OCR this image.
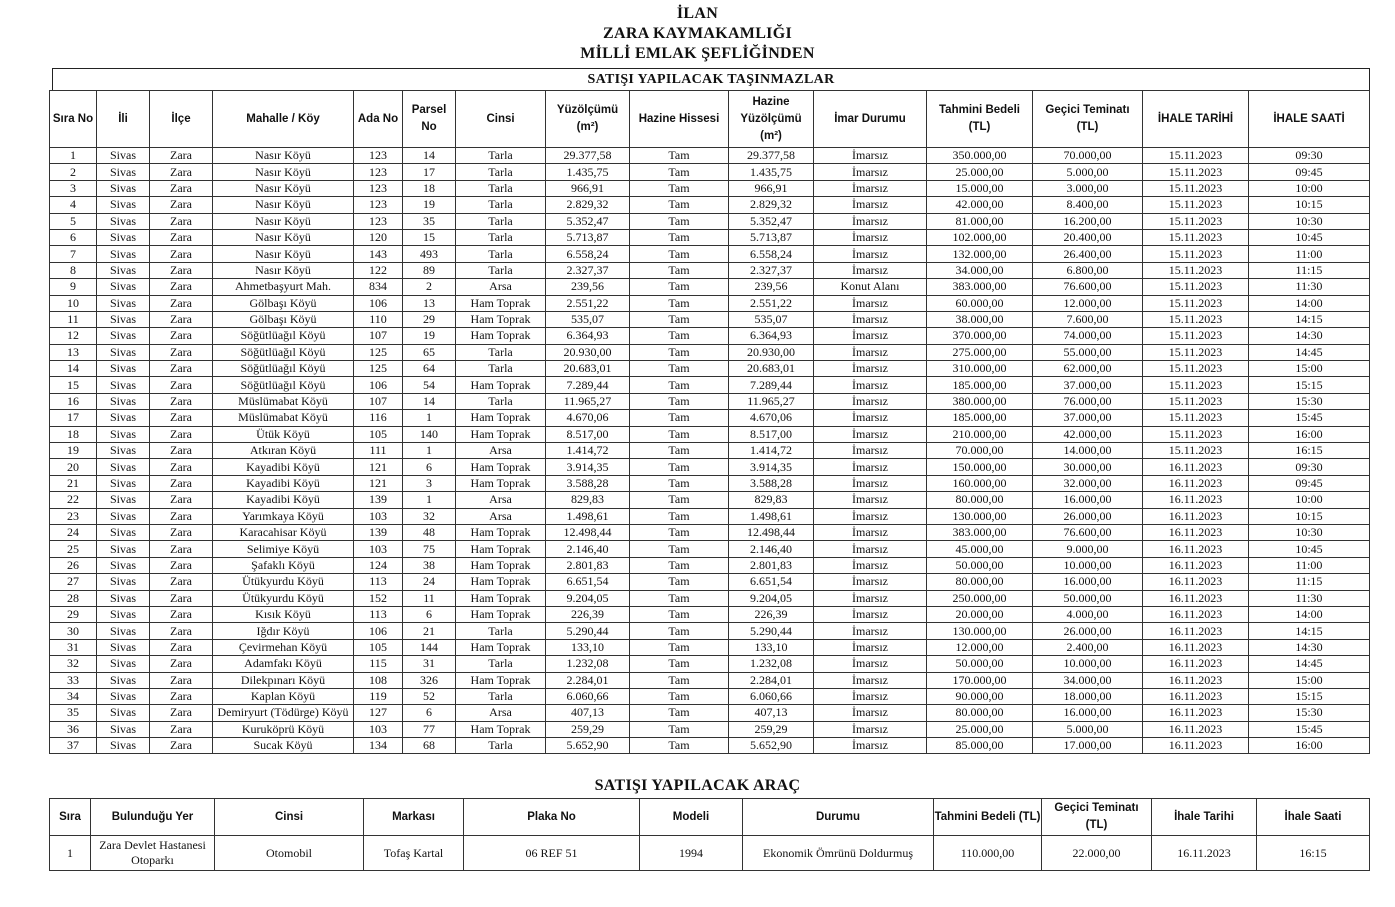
İLAN
ZARA KAYMAKAMLIĞI
MİLLİ EMLAK ŞEFLİĞİNDEN
SATIŞI YAPILACAK TAŞINMAZLAR
Sıra No	İli	İlçe	Mahalle / Köy	Ada No	Parsel No	Cinsi	Yüzölçümü (m²)	Hazine Hissesi	Hazine Yüzölçümü (m²)	İmar Durumu	Tahmini Bedeli (TL)	Geçici Teminatı (TL)	İHALE TARİHİ	İHALE SAATİ
1	Sivas	Zara	Nasır Köyü	123	14	Tarla	29.377,58	Tam	29.377,58	İmarsız	350.000,00	70.000,00	15.11.2023	09:30
2	Sivas	Zara	Nasır Köyü	123	17	Tarla	1.435,75	Tam	1.435,75	İmarsız	25.000,00	5.000,00	15.11.2023	09:45
3	Sivas	Zara	Nasır Köyü	123	18	Tarla	966,91	Tam	966,91	İmarsız	15.000,00	3.000,00	15.11.2023	10:00
4	Sivas	Zara	Nasır Köyü	123	19	Tarla	2.829,32	Tam	2.829,32	İmarsız	42.000,00	8.400,00	15.11.2023	10:15
5	Sivas	Zara	Nasır Köyü	123	35	Tarla	5.352,47	Tam	5.352,47	İmarsız	81.000,00	16.200,00	15.11.2023	10:30
6	Sivas	Zara	Nasır Köyü	120	15	Tarla	5.713,87	Tam	5.713,87	İmarsız	102.000,00	20.400,00	15.11.2023	10:45
7	Sivas	Zara	Nasır Köyü	143	493	Tarla	6.558,24	Tam	6.558,24	İmarsız	132.000,00	26.400,00	15.11.2023	11:00
8	Sivas	Zara	Nasır Köyü	122	89	Tarla	2.327,37	Tam	2.327,37	İmarsız	34.000,00	6.800,00	15.11.2023	11:15
9	Sivas	Zara	Ahmetbaşyurt Mah.	834	2	Arsa	239,56	Tam	239,56	Konut Alanı	383.000,00	76.600,00	15.11.2023	11:30
10	Sivas	Zara	Gölbaşı Köyü	106	13	Ham Toprak	2.551,22	Tam	2.551,22	İmarsız	60.000,00	12.000,00	15.11.2023	14:00
11	Sivas	Zara	Gölbaşı Köyü	110	29	Ham Toprak	535,07	Tam	535,07	İmarsız	38.000,00	7.600,00	15.11.2023	14:15
12	Sivas	Zara	Söğütlüağıl Köyü	107	19	Ham Toprak	6.364,93	Tam	6.364,93	İmarsız	370.000,00	74.000,00	15.11.2023	14:30
13	Sivas	Zara	Söğütlüağıl Köyü	125	65	Tarla	20.930,00	Tam	20.930,00	İmarsız	275.000,00	55.000,00	15.11.2023	14:45
14	Sivas	Zara	Söğütlüağıl Köyü	125	64	Tarla	20.683,01	Tam	20.683,01	İmarsız	310.000,00	62.000,00	15.11.2023	15:00
15	Sivas	Zara	Söğütlüağıl Köyü	106	54	Ham Toprak	7.289,44	Tam	7.289,44	İmarsız	185.000,00	37.000,00	15.11.2023	15:15
16	Sivas	Zara	Müslümabat Köyü	107	14	Tarla	11.965,27	Tam	11.965,27	İmarsız	380.000,00	76.000,00	15.11.2023	15:30
17	Sivas	Zara	Müslümabat Köyü	116	1	Ham Toprak	4.670,06	Tam	4.670,06	İmarsız	185.000,00	37.000,00	15.11.2023	15:45
18	Sivas	Zara	Ütük Köyü	105	140	Ham Toprak	8.517,00	Tam	8.517,00	İmarsız	210.000,00	42.000,00	15.11.2023	16:00
19	Sivas	Zara	Atkıran Köyü	111	1	Arsa	1.414,72	Tam	1.414,72	İmarsız	70.000,00	14.000,00	15.11.2023	16:15
20	Sivas	Zara	Kayadibi Köyü	121	6	Ham Toprak	3.914,35	Tam	3.914,35	İmarsız	150.000,00	30.000,00	16.11.2023	09:30
21	Sivas	Zara	Kayadibi Köyü	121	3	Ham Toprak	3.588,28	Tam	3.588,28	İmarsız	160.000,00	32.000,00	16.11.2023	09:45
22	Sivas	Zara	Kayadibi Köyü	139	1	Arsa	829,83	Tam	829,83	İmarsız	80.000,00	16.000,00	16.11.2023	10:00
23	Sivas	Zara	Yarımkaya Köyü	103	32	Arsa	1.498,61	Tam	1.498,61	İmarsız	130.000,00	26.000,00	16.11.2023	10:15
24	Sivas	Zara	Karacahisar Köyü	139	48	Ham Toprak	12.498,44	Tam	12.498,44	İmarsız	383.000,00	76.600,00	16.11.2023	10:30
25	Sivas	Zara	Selimiye Köyü	103	75	Ham Toprak	2.146,40	Tam	2.146,40	İmarsız	45.000,00	9.000,00	16.11.2023	10:45
26	Sivas	Zara	Şafaklı Köyü	124	38	Ham Toprak	2.801,83	Tam	2.801,83	İmarsız	50.000,00	10.000,00	16.11.2023	11:00
27	Sivas	Zara	Ütükyurdu Köyü	113	24	Ham Toprak	6.651,54	Tam	6.651,54	İmarsız	80.000,00	16.000,00	16.11.2023	11:15
28	Sivas	Zara	Ütükyurdu Köyü	152	11	Ham Toprak	9.204,05	Tam	9.204,05	İmarsız	250.000,00	50.000,00	16.11.2023	11:30
29	Sivas	Zara	Kısık Köyü	113	6	Ham Toprak	226,39	Tam	226,39	İmarsız	20.000,00	4.000,00	16.11.2023	14:00
30	Sivas	Zara	Iğdır Köyü	106	21	Tarla	5.290,44	Tam	5.290,44	İmarsız	130.000,00	26.000,00	16.11.2023	14:15
31	Sivas	Zara	Çevirmehan Köyü	105	144	Ham Toprak	133,10	Tam	133,10	İmarsız	12.000,00	2.400,00	16.11.2023	14:30
32	Sivas	Zara	Adamfakı Köyü	115	31	Tarla	1.232,08	Tam	1.232,08	İmarsız	50.000,00	10.000,00	16.11.2023	14:45
33	Sivas	Zara	Dilekpınarı Köyü	108	326	Ham Toprak	2.284,01	Tam	2.284,01	İmarsız	170.000,00	34.000,00	16.11.2023	15:00
34	Sivas	Zara	Kaplan Köyü	119	52	Tarla	6.060,66	Tam	6.060,66	İmarsız	90.000,00	18.000,00	16.11.2023	15:15
35	Sivas	Zara	Demiryurt (Tödürge) Köyü	127	6	Arsa	407,13	Tam	407,13	İmarsız	80.000,00	16.000,00	16.11.2023	15:30
36	Sivas	Zara	Kuruköprü Köyü	103	77	Ham Toprak	259,29	Tam	259,29	İmarsız	25.000,00	5.000,00	16.11.2023	15:45
37	Sivas	Zara	Sucak Köyü	134	68	Tarla	5.652,90	Tam	5.652,90	İmarsız	85.000,00	17.000,00	16.11.2023	16:00
SATIŞI YAPILACAK ARAÇ
Sıra	Bulunduğu Yer	Cinsi	Markası	Plaka No	Modeli	Durumu	Tahmini Bedeli (TL)	Geçici Teminatı (TL)	İhale Tarihi	İhale Saati
1	Zara Devlet Hastanesi Otoparkı	Otomobil	Tofaş Kartal	06 REF 51	1994	Ekonomik Ömrünü Doldurmuş	110.000,00	22.000,00	16.11.2023	16:15
